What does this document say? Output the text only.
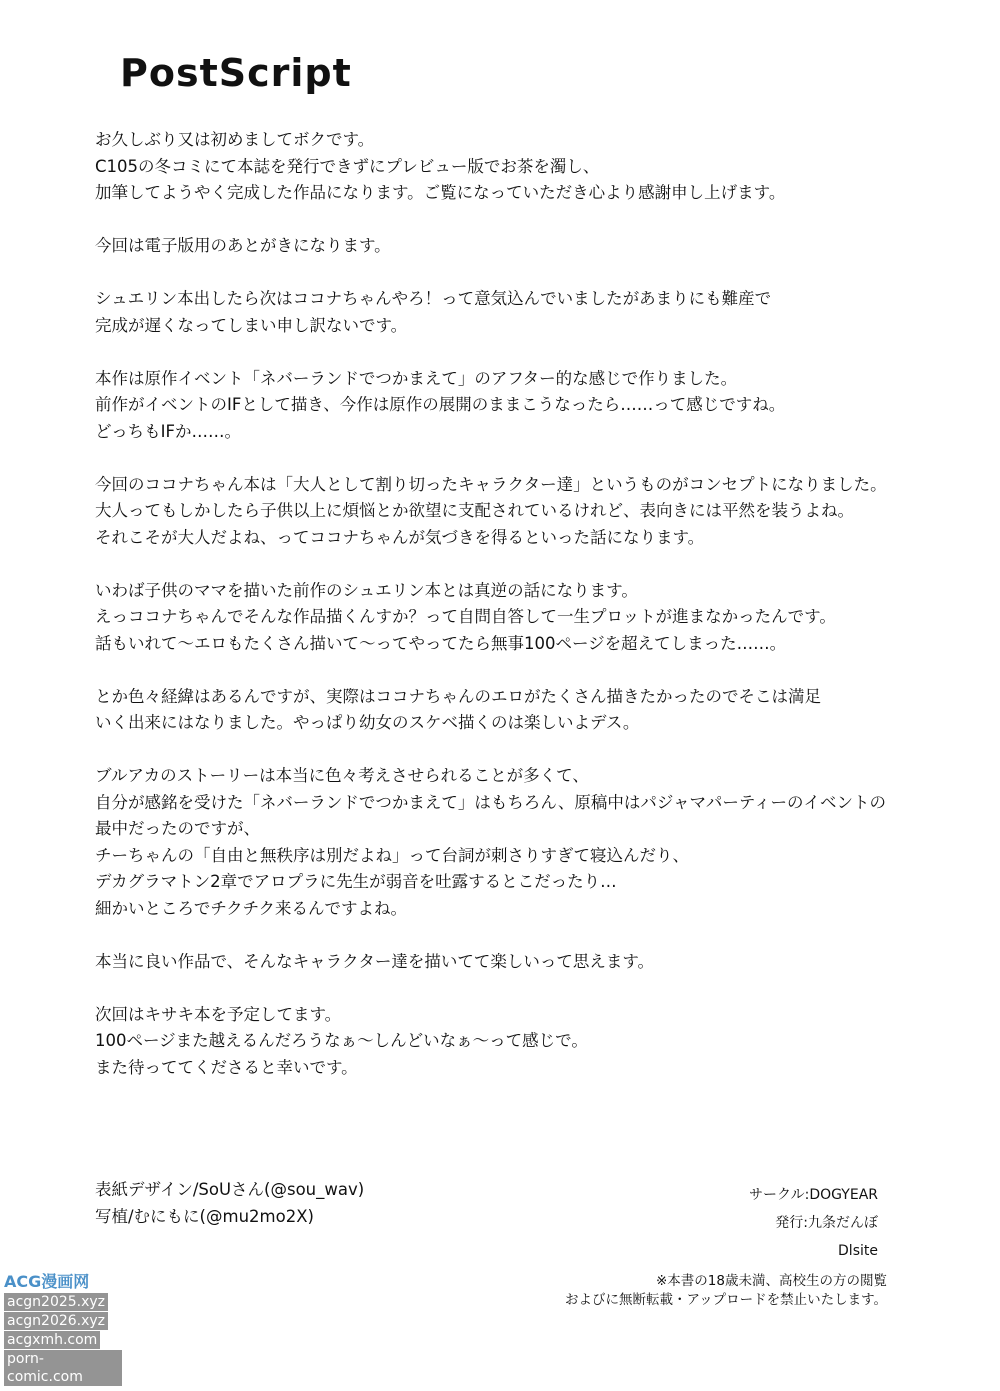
PostScript
お久しぶり又は初めましてボクです。
C105の冬コミにて本誌を発行できずにプレビュー版でお茶を濁し、
加筆してようやく完成した作品になります。ご覧になっていただき心より感謝申し上げます。
今回は電子版用のあとがきになります。
シュエリン本出したら次はココナちゃんやろ！って意気込んでいましたがあまりにも難産で
完成が遅くなってしまい申し訳ないです。
本作は原作イベント「ネバーランドでつかまえて」のアフター的な感じで作りました。
前作がイベントのIFとして描き、今作は原作の展開のままこうなったら……って感じですね。
どっちもIFか……。
今回のココナちゃん本は「大人として割り切ったキャラクター達」というものがコンセプトになりました。
大人ってもしかしたら子供以上に煩悩とか欲望に支配されているけれど、表向きには平然を装うよね。
それこそが大人だよね、ってココナちゃんが気づきを得るといった話になります。
いわば子供のママを描いた前作のシュエリン本とは真逆の話になります。
えっココナちゃんでそんな作品描くんすか？って自問自答して一生プロットが進まなかったんです。
話もいれて～エロもたくさん描いて～ってやってたら無事100ページを超えてしまった……。
とか色々経緯はあるんですが、実際はココナちゃんのエロがたくさん描きたかったのでそこは満足
いく出来にはなりました。やっぱり幼女のスケベ描くのは楽しいよデス。
ブルアカのストーリーは本当に色々考えさせられることが多くて、
自分が感銘を受けた「ネバーランドでつかまえて」はもちろん、原稿中はパジャマパーティーのイベントの
最中だったのですが、
チーちゃんの「自由と無秩序は別だよね」って台詞が刺さりすぎて寝込んだり、
デカグラマトン2章でアロプラに先生が弱音を吐露するとこだったり…
細かいところでチクチク来るんですよね。
本当に良い作品で、そんなキャラクター達を描いてて楽しいって思えます。
次回はキサキ本を予定してます。
100ページまた越えるんだろうなぁ～しんどいなぁ～って感じで。
また待っててくださると幸いです。
表紙デザイン/SoUさん(@sou_wav)
写植/むにもに(@mu2mo2X)
サークル:DOGYEAR
発行:九条だんぼ
Dlsite
※本書の18歳未満、高校生の方の閲覧
およびに無断転載・アップロードを禁止いたします。
ACG漫画网
acgn2025.xyz
acgn2026.xyz
acgxmh.com
porn-comic.com
